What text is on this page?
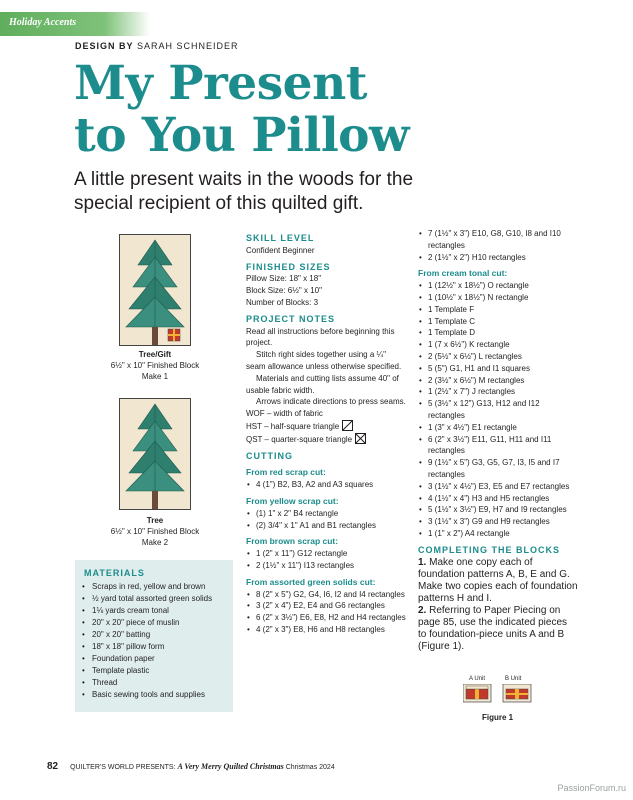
Holiday Accents
DESIGN BY SARAH SCHNEIDER
My Present
to You Pillow
A little present waits in the woods for the special recipient of this quilted gift.
Tree/Gift
6½" x 10" Finished Block
Make 1
Tree
6½" x 10" Finished Block
Make 2
MATERIALS
• Scraps in red, yellow and brown
• ½ yard total assorted green solids
• 1⅛ yards cream tonal
• 20" x 20" piece of muslin
• 20" x 20" batting
• 18" x 18" pillow form
• Foundation paper
• Template plastic
• Thread
• Basic sewing tools and supplies
SKILL LEVEL

Confident Beginner

FINISHED SIZES

Pillow Size: 18" x 18"

Block Size: 6½" x 10"

Number of Blocks: 3

PROJECT NOTES

Read all instructions before beginning this project.

Stitch right sides together using a ¼" seam allowance unless otherwise specified.

Materials and cutting lists assume 40" of usable fabric width.

Arrows indicate directions to press seams.

WOF – width of fabric

HST – half-square triangle

QST – quarter-square triangle

CUTTING
From red scrap cut:
• 4 (1") B2, B3, A2 and A3 squares
From yellow scrap cut:
• (1) 1" x 2" B4 rectangle
• (2) 3/4" x 1" A1 and B1 rectangles
From brown scrap cut:
• 1 (2" x 11") G12 rectangle
• 2 (1½" x 11") I13 rectangles
From assorted green solids cut:
• 8 (2" x 5") G2, G4, I6, I2 and I4 rectangles
• 3 (2" x 4") E2, E4 and G6 rectangles
• 6 (2" x 3½") E6, E8, H2 and H4 rectangles
• 4 (2" x 3") E8, H6 and H8 rectangles
• 7 (1½" x 3") E10, G8, G10, I8 and I10 rectangles
• 2 (1½" x 2") H10 rectangles
From cream tonal cut:
• 1 (12½" x 18½") O rectangle
• 1 (10½" x 18½") N rectangle
• 1 Template F
• 1 Template C
• 1 Template D
• 1 (7 x 6½") K rectangle
• 2 (5½" x 6½") L rectangles
• 5 (5") G1, H1 and I1 squares
• 2 (3½" x 6½") M rectangles
• 1 (2½" x 7") J rectangles
• 5 (3½" x 12") G13, H12 and I12 rectangles
• 1 (3" x 4½") E1 rectangle
• 6 (2" x 3½") E11, G11, H11 and I11 rectangles
• 9 (1½" x 5") G3, G5, G7, I3, I5 and I7 rectangles
• 3 (1½" x 4½") E3, E5 and E7 rectangles
• 4 (1½" x 4") H3 and H5 rectangles
• 5 (1½" x 3½") E9, H7 and I9 rectangles
• 3 (1½" x 3") G9 and H9 rectangles
• 1 (1" x 2") A4 rectangle
COMPLETING THE BLOCKS

1. Make one copy each of foundation patterns A, B, E and G. Make two copies each of foundation patterns H and I.

2. Referring to Paper Piecing on page 85, use the indicated pieces to foundation-piece units A and B (Figure 1).

A Unit	B Unit
Figure 1
82 QUILTER'S WORLD PRESENTS: A Very Merry Quilted Christmas Christmas 2024
PassionForum.ru
